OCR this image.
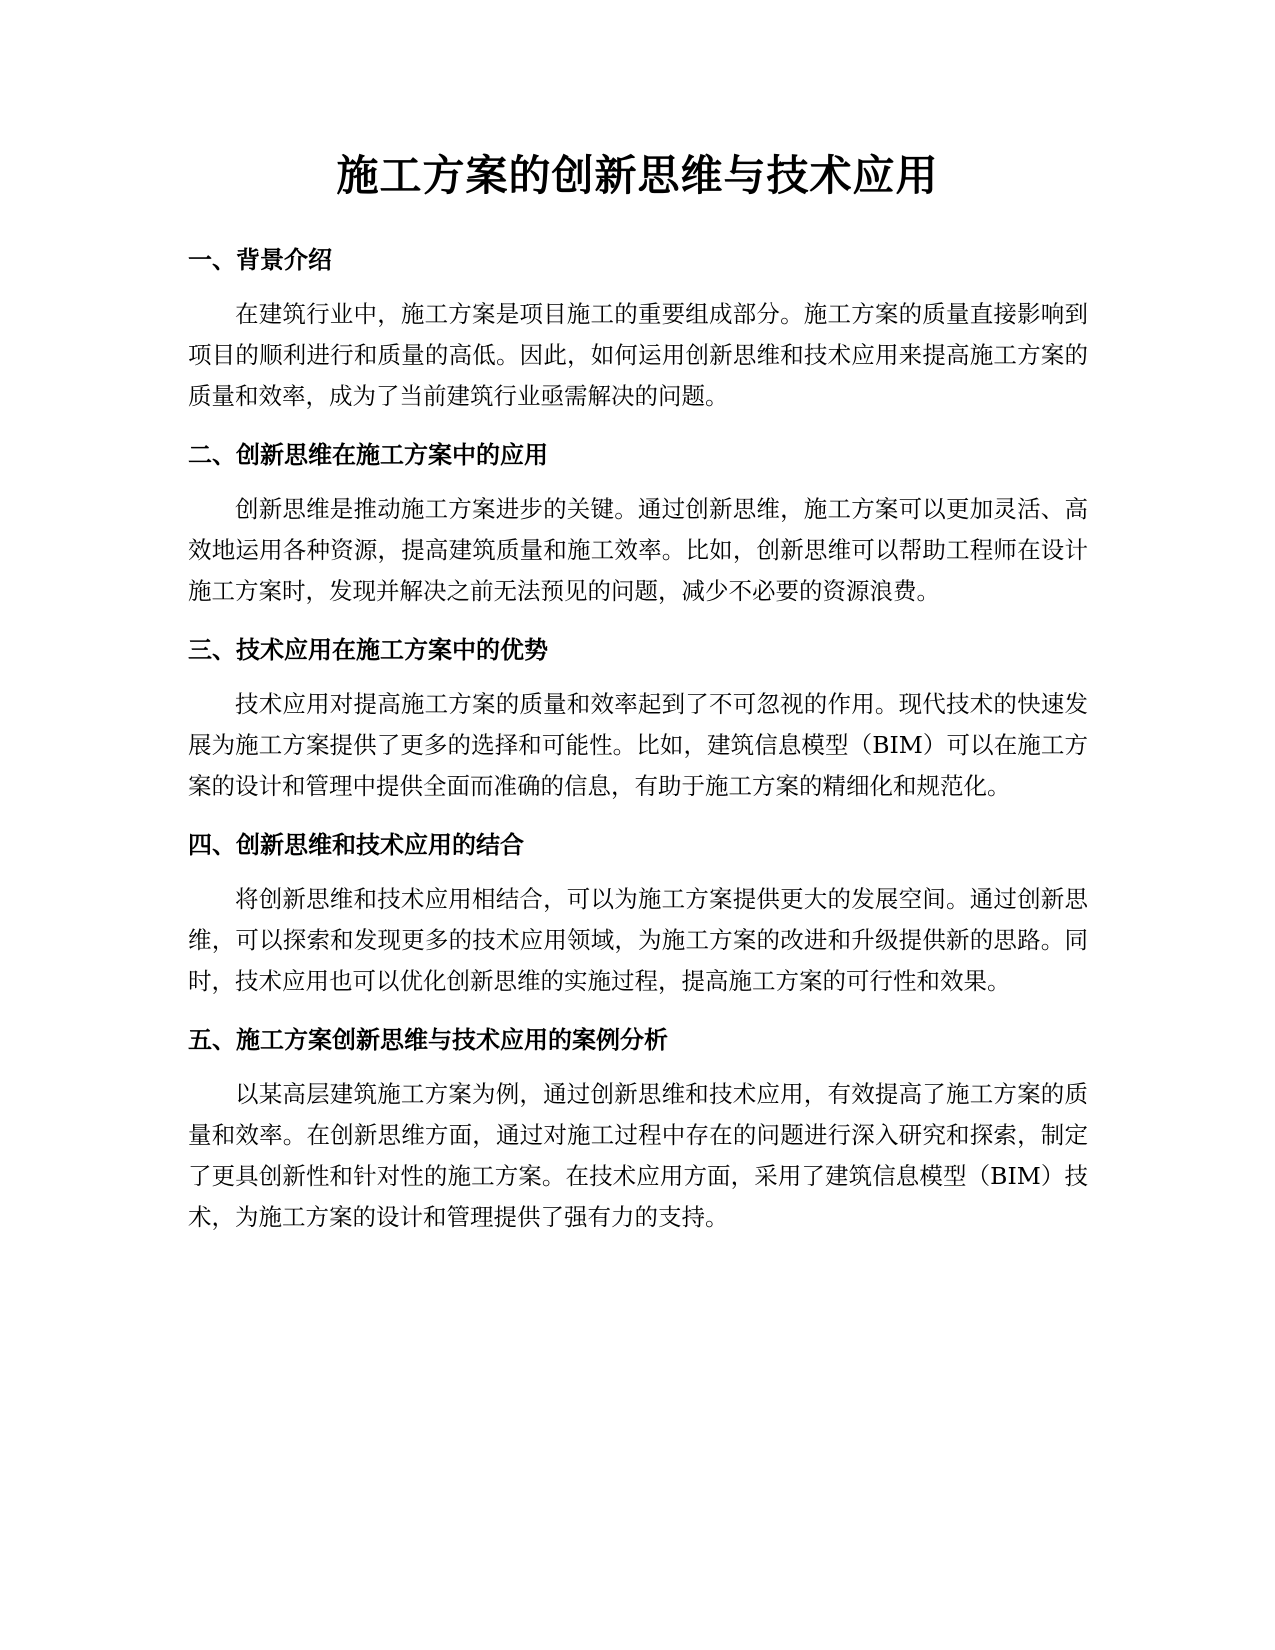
施工方案的创新思维与技术应用
一、背景介绍

在建筑行业中，施工方案是项目施工的重要组成部分。施工方案的质量直接影响到项目的顺利进行和质量的高低。因此，如何运用创新思维和技术应用来提高施工方案的质量和效率，成为了当前建筑行业亟需解决的问题。

二、创新思维在施工方案中的应用

创新思维是推动施工方案进步的关键。通过创新思维，施工方案可以更加灵活、高效地运用各种资源，提高建筑质量和施工效率。比如，创新思维可以帮助工程师在设计施工方案时，发现并解决之前无法预见的问题，减少不必要的资源浪费。

三、技术应用在施工方案中的优势

技术应用对提高施工方案的质量和效率起到了不可忽视的作用。现代技术的快速发展为施工方案提供了更多的选择和可能性。比如，建筑信息模型（BIM）可以在施工方案的设计和管理中提供全面而准确的信息，有助于施工方案的精细化和规范化。

四、创新思维和技术应用的结合

将创新思维和技术应用相结合，可以为施工方案提供更大的发展空间。通过创新思维，可以探索和发现更多的技术应用领域，为施工方案的改进和升级提供新的思路。同时，技术应用也可以优化创新思维的实施过程，提高施工方案的可行性和效果。

五、施工方案创新思维与技术应用的案例分析

以某高层建筑施工方案为例，通过创新思维和技术应用，有效提高了施工方案的质量和效率。在创新思维方面，通过对施工过程中存在的问题进行深入研究和探索，制定了更具创新性和针对性的施工方案。在技术应用方面，采用了建筑信息模型（BIM）技术，为施工方案的设计和管理提供了强有力的支持。
